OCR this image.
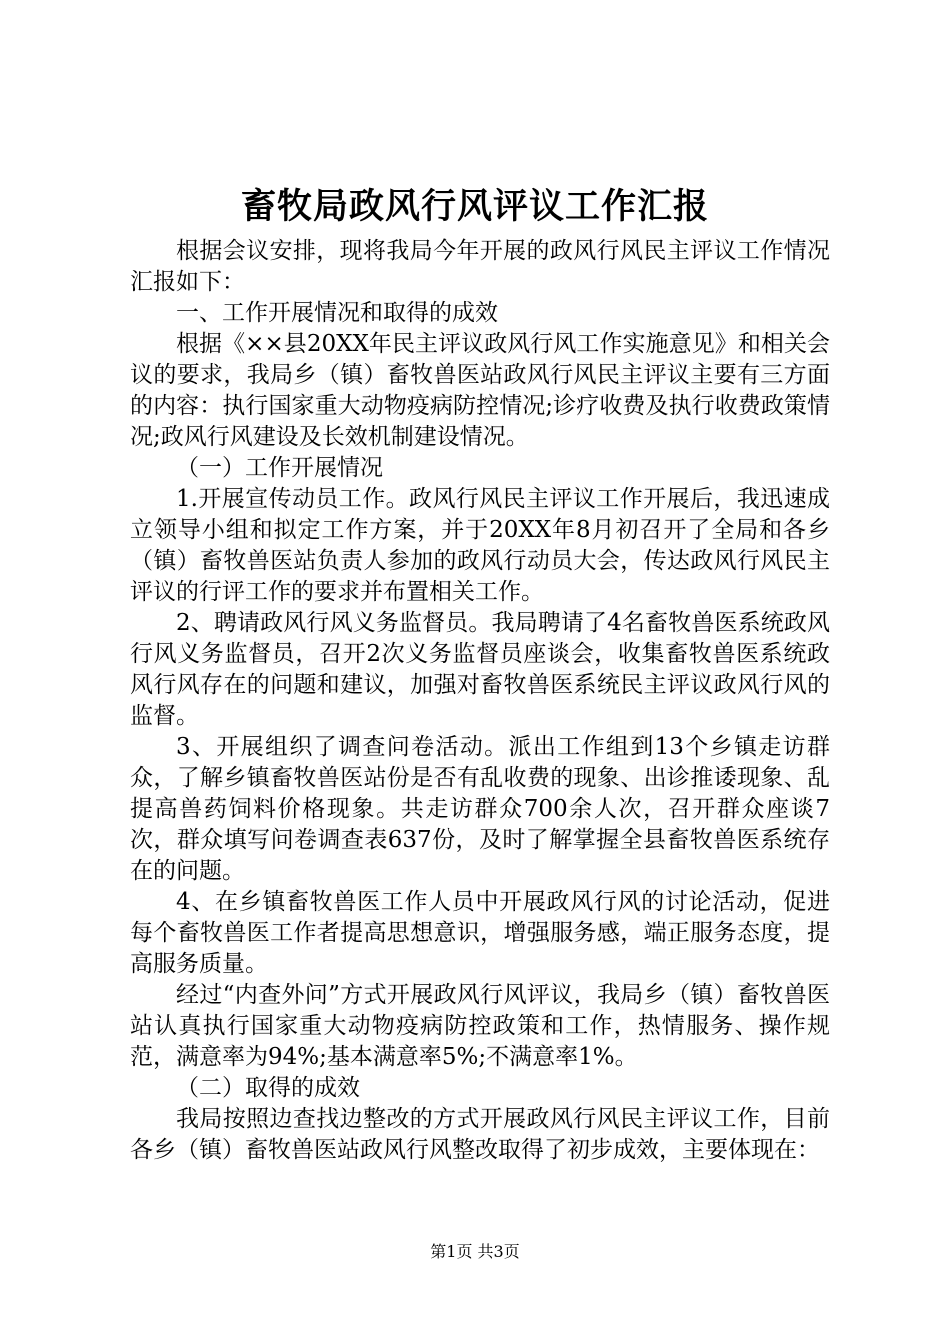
畜牧局政风行风评议工作汇报

根据会议安排，现将我局今年开展的政风行风民主评议工作情况汇报如下：

一、工作开展情况和取得的成效

根据《××县20XX年民主评议政风行风工作实施意见》和相关会议的要求，我局乡（镇）畜牧兽医站政风行风民主评议主要有三方面的内容：执行国家重大动物疫病防控情况;诊疗收费及执行收费政策情况;政风行风建设及长效机制建设情况。

（一）工作开展情况

1.开展宣传动员工作。政风行风民主评议工作开展后，我迅速成立领导小组和拟定工作方案，并于20XX年8月初召开了全局和各乡（镇）畜牧兽医站负责人参加的政风行动员大会，传达政风行风民主评议的行评工作的要求并布置相关工作。

2、聘请政风行风义务监督员。我局聘请了4名畜牧兽医系统政风行风义务监督员，召开2次义务监督员座谈会，收集畜牧兽医系统政风行风存在的问题和建议，加强对畜牧兽医系统民主评议政风行风的监督。

3、开展组织了调查问卷活动。派出工作组到13个乡镇走访群众，了解乡镇畜牧兽医站份是否有乱收费的现象、出诊推诿现象、乱提高兽药饲料价格现象。共走访群众700余人次，召开群众座谈7次，群众填写问卷调查表637份，及时了解掌握全县畜牧兽医系统存在的问题。

4、在乡镇畜牧兽医工作人员中开展政风行风的讨论活动，促进每个畜牧兽医工作者提高思想意识，增强服务感，端正服务态度，提高服务质量。

经过“内查外问”方式开展政风行风评议，我局乡（镇）畜牧兽医站认真执行国家重大动物疫病防控政策和工作，热情服务、操作规范，满意率为94%;基本满意率5%;不满意率1%。

（二）取得的成效

我局按照边查找边整改的方式开展政风行风民主评议工作，目前各乡（镇）畜牧兽医站政风行风整改取得了初步成效，主要体现在：

第1页 共3页
